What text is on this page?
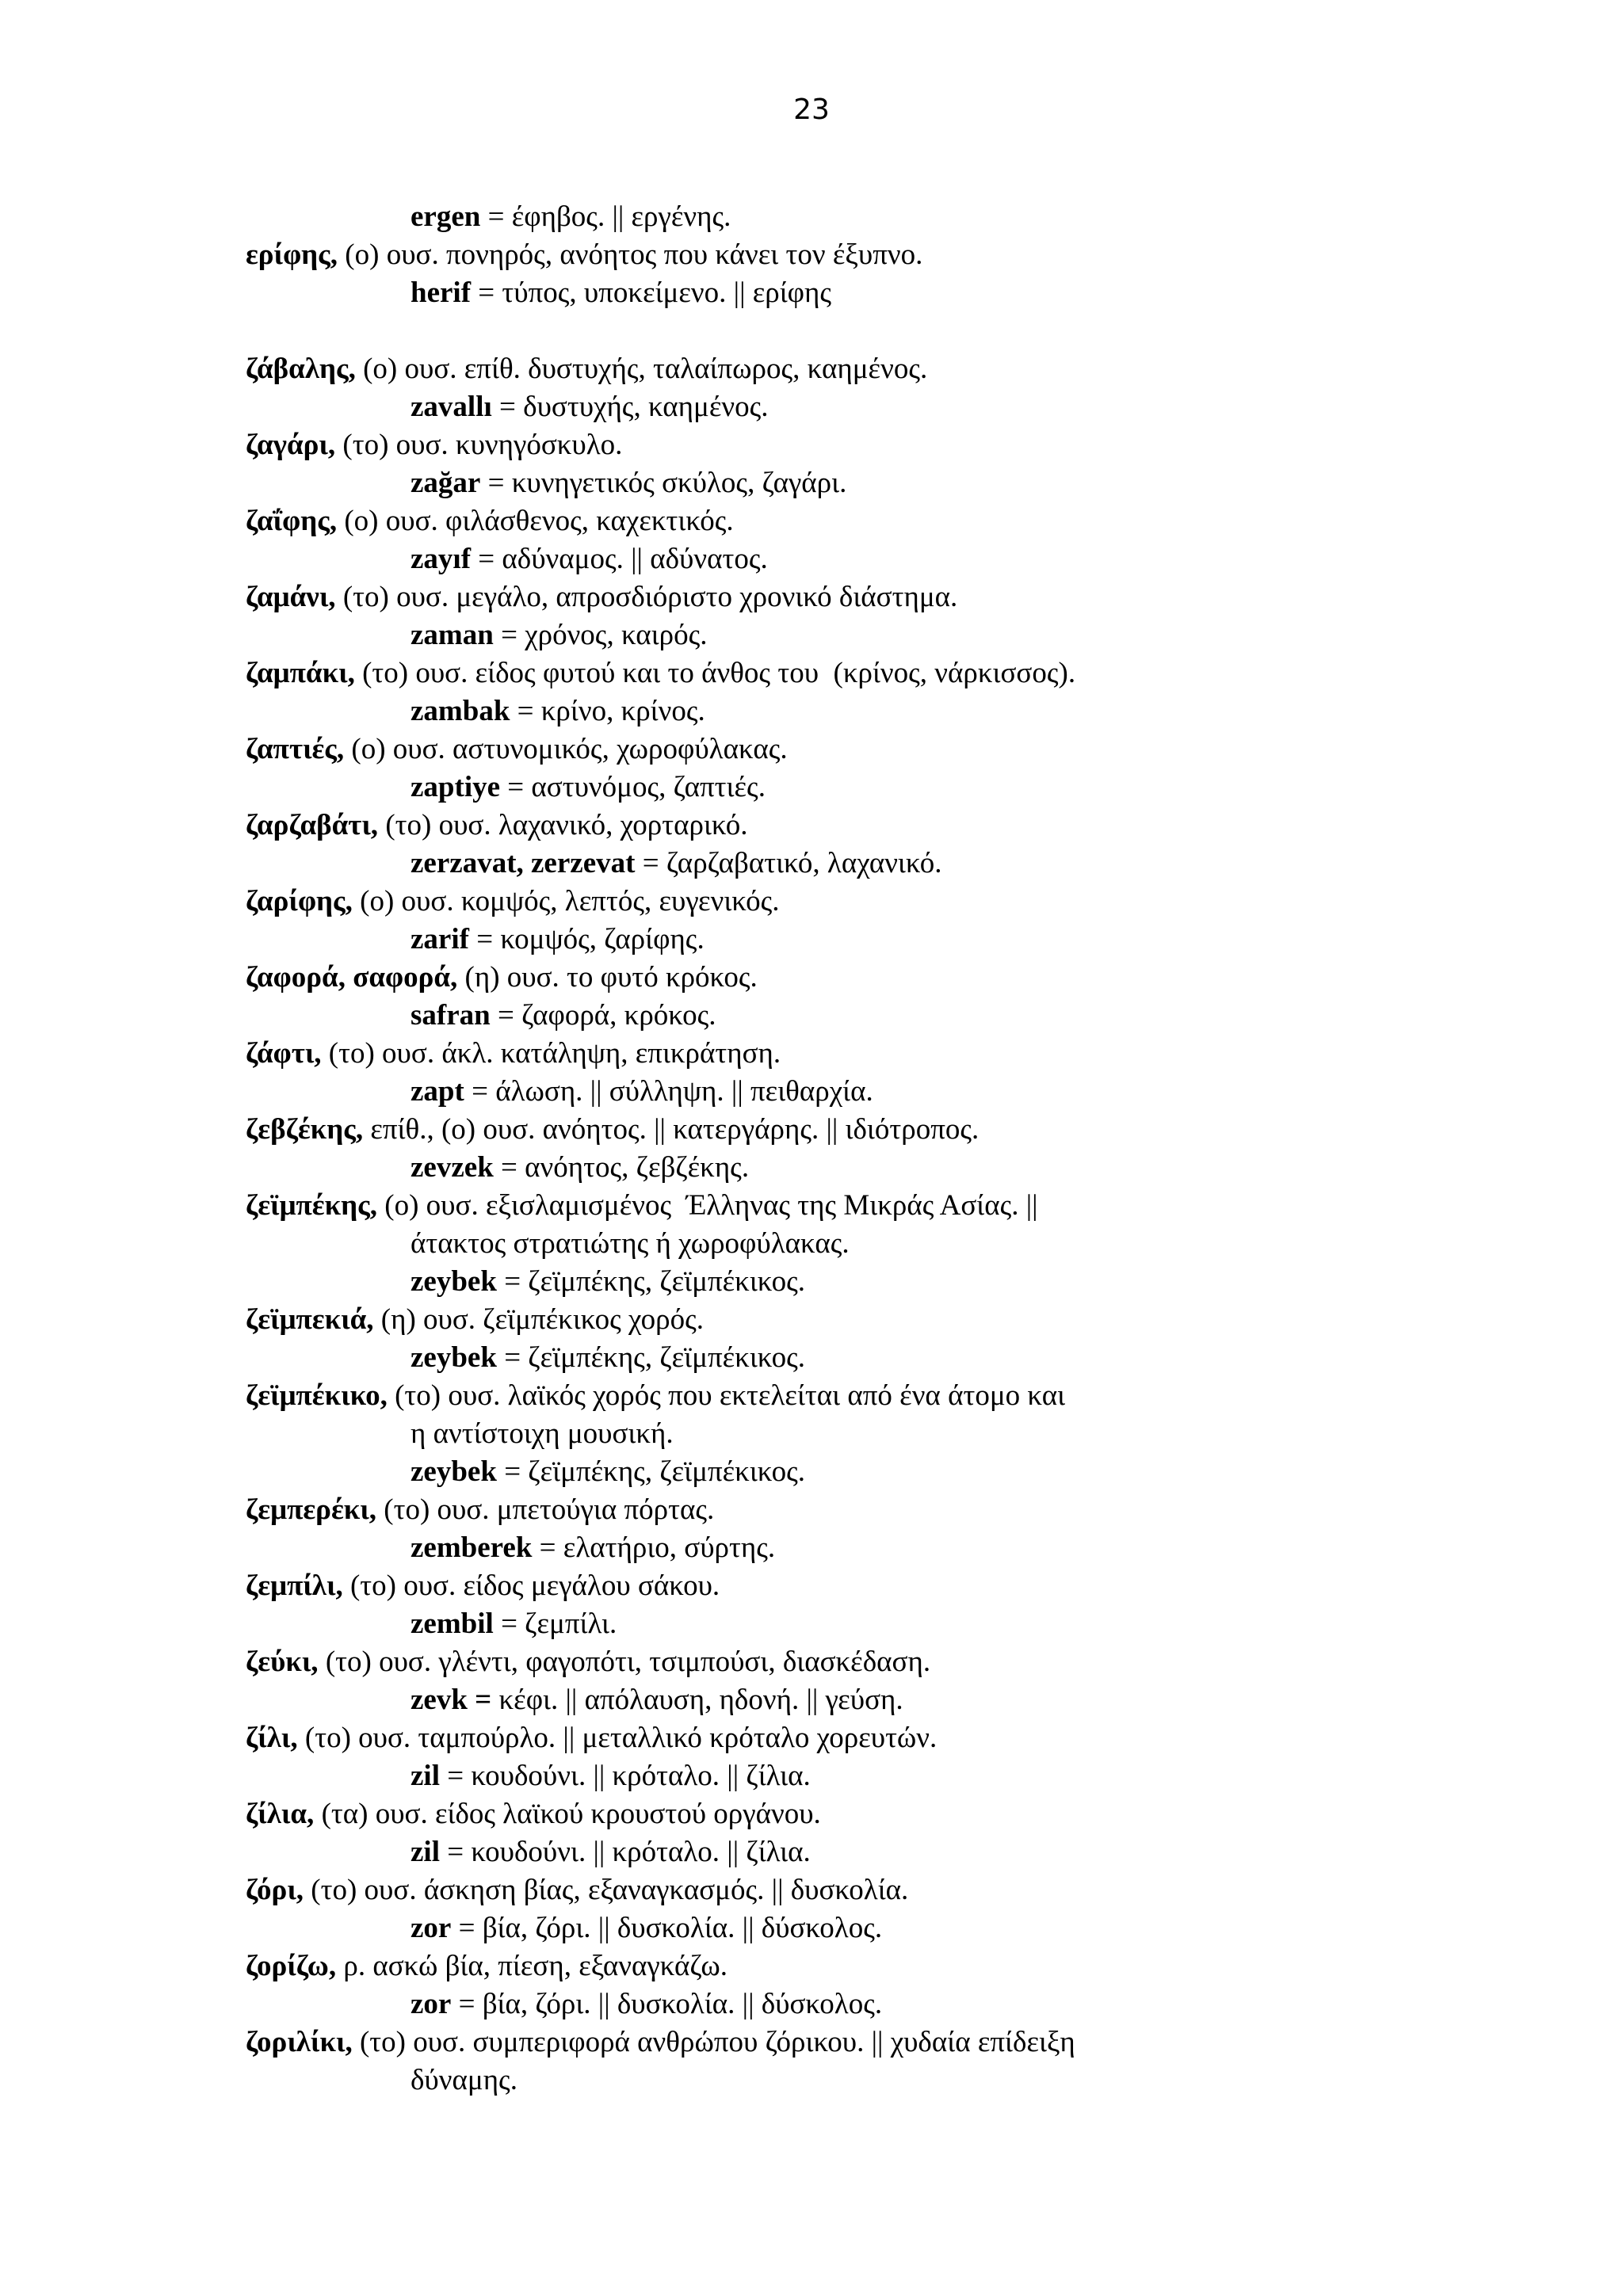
23
ergen = έφηβος. || εργένης.
ερίφης, (ο) ουσ. πονηρός, ανόητος που κάνει τον έξυπνο.
herif = τύπος, υποκείμενο. || ερίφης
ζάβαλης, (ο) ουσ. επίθ. δυστυχής, ταλαίπωρος, καημένος.
zavallı = δυστυχής, καημένος.
ζαγάρι, (το) ουσ. κυνηγόσκυλο.
zağar = κυνηγετικός σκύλος, ζαγάρι.
ζαΐφης, (ο) ουσ. φιλάσθενος, καχεκτικός.
zayıf = αδύναμος. || αδύνατος.
ζαμάνι, (το) ουσ. μεγάλο, απροσδιόριστο χρονικό διάστημα.
zaman = χρόνος, καιρός.
ζαμπάκι, (το) ουσ. είδος φυτού και το άνθος του  (κρίνος, νάρκισσος).
zambak = κρίνο, κρίνος.
ζαπτιές, (ο) ουσ. αστυνομικός, χωροφύλακας.
zaptiye = αστυνόμος, ζαπτιές.
ζαρζαβάτι, (το) ουσ. λαχανικό, χορταρικό.
zerzavat, zerzevat = ζαρζαβατικό, λαχανικό.
ζαρίφης, (ο) ουσ. κομψός, λεπτός, ευγενικός.
zarif = κομψός, ζαρίφης.
ζαφορά, σαφορά, (η) ουσ. το φυτό κρόκος.
safran = ζαφορά, κρόκος.
ζάφτι, (το) ουσ. άκλ. κατάληψη, επικράτηση.
zapt = άλωση. || σύλληψη. || πειθαρχία.
ζεβζέκης, επίθ., (ο) ουσ. ανόητος. || κατεργάρης. || ιδιότροπος.
zevzek = ανόητος, ζεβζέκης.
ζεϊμπέκης, (ο) ουσ. εξισλαμισμένος  Έλληνας της Μικράς Ασίας. ||
άτακτος στρατιώτης ή χωροφύλακας.
zeybek = ζεϊμπέκης, ζεϊμπέκικος.
ζεϊμπεκιά, (η) ουσ. ζεϊμπέκικος χορός.
zeybek = ζεϊμπέκης, ζεϊμπέκικος.
ζεϊμπέκικο, (το) ουσ. λαϊκός χορός που εκτελείται από ένα άτομο και
η αντίστοιχη μουσική.
zeybek = ζεϊμπέκης, ζεϊμπέκικος.
ζεμπερέκι, (το) ουσ. μπετούγια πόρτας.
zemberek = ελατήριο, σύρτης.
ζεμπίλι, (το) ουσ. είδος μεγάλου σάκου.
zembil = ζεμπίλι.
ζεύκι, (το) ουσ. γλέντι, φαγοπότι, τσιμπούσι, διασκέδαση.
zevk = κέφι. || απόλαυση, ηδονή. || γεύση.
ζίλι, (το) ουσ. ταμπούρλο. || μεταλλικό κρόταλο χορευτών.
zil = κουδούνι. || κρόταλο. || ζίλια.
ζίλια, (τα) ουσ. είδος λαϊκού κρουστού οργάνου.
zil = κουδούνι. || κρόταλο. || ζίλια.
ζόρι, (το) ουσ. άσκηση βίας, εξαναγκασμός. || δυσκολία.
zor = βία, ζόρι. || δυσκολία. || δύσκολος.
ζορίζω, ρ. ασκώ βία, πίεση, εξαναγκάζω.
zor = βία, ζόρι. || δυσκολία. || δύσκολος.
ζοριλίκι, (το) ουσ. συμπεριφορά ανθρώπου ζόρικου. || χυδαία επίδειξη
δύναμης.
